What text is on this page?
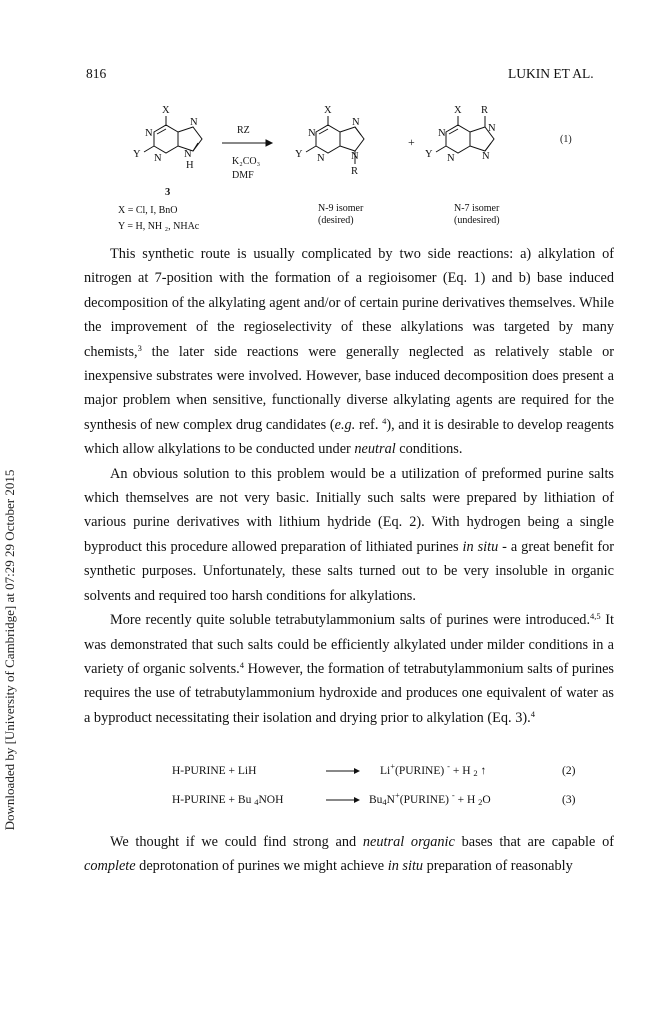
816	LUKIN ET AL.
Downloaded by [University of Cambridge] at 07:29 29 October 2015
X
N
N
N
N
H
Y
3
X = Cl, I, BnO
Y = H, NH ₂, NHAc
RZ
K₂CO₃
DMF
X
N
N
N
N
R
Y
N-9 isomer
(desired)
+
X R
N
N
N
N
Y
N-7 isomer
(undesired)
(1)

This synthetic route is usually complicated by two side reactions: a) alkylation of nitrogen at 7-position with the formation of a regioisomer (Eq. 1) and b) base induced decomposition of the alkylating agent and/or of certain purine derivatives themselves. While the improvement of the regioselectivity of these alkylations was targeted by many chemists,$^3$ the later side reactions were generally neglected as relatively stable or inexpensive substrates were involved. However, base induced decomposition does present a major problem when sensitive, functionally diverse alkylating agents are required for the synthesis of new complex drug candidates (e.g. ref. $^4$), and it is desirable to develop reagents which allow alkylations to be conducted under neutral conditions.

An obvious solution to this problem would be a utilization of preformed purine salts which themselves are not very basic. Initially such salts were prepared by lithiation of various purine derivatives with lithium hydride (Eq. 2). With hydrogen being a single byproduct this procedure allowed preparation of lithiated purines in situ - a great benefit for synthetic purposes. Unfortunately, these salts turned out to be very insoluble in organic solvents and required too harsh conditions for alkylations.

More recently quite soluble tetrabutylammonium salts of purines were introduced.$^{4,5}$ It was demonstrated that such salts could be efficiently alkylated under milder conditions in a variety of organic solvents.$^4$ However, the formation of tetrabutylammonium salts of purines requires the use of tetrabutylammonium hydroxide and produces one equivalent of water as a byproduct necessitating their isolation and drying prior to alkylation (Eq. 3).$^4$

H-PURINE + LiH	Li+(PURINE) - + H $_2$ ↑	(2)
H-PURINE + Bu $_4$NOH	$Bu_4N^+(PURINE) ^- + H$ $_2$O	(3)

We thought if we could find strong and neutral organic bases that are capable of complete deprotonation of purines we might achieve in situ preparation of reasonably
